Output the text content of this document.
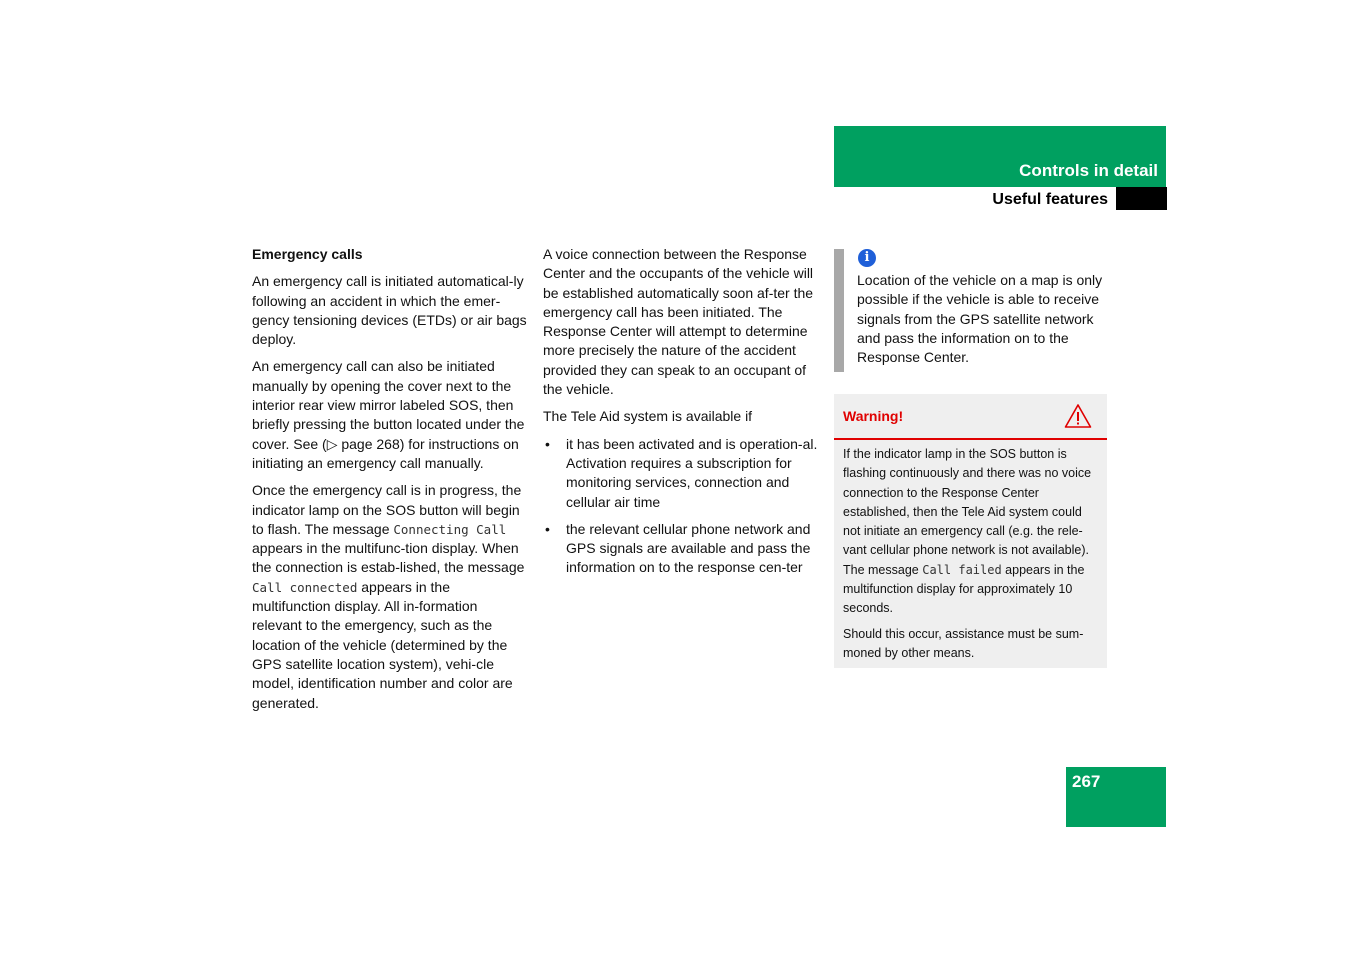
Controls in detail
Useful features

Emergency calls

An emergency call is initiated automatical-ly following an accident in which the emer-gency tensioning devices (ETDs) or air bags deploy.

An emergency call can also be initiated manually by opening the cover next to the interior rear view mirror labeled SOS, then briefly pressing the button located under the cover. See (▷ page 268) for instructions on initiating an emergency call manually.

Once the emergency call is in progress, the indicator lamp on the SOS button will begin to flash. The message Connecting Call appears in the multifunc-tion display. When the connection is estab-lished, the message Call connected appears in the multifunction display. All in-formation relevant to the emergency, such as the location of the vehicle (determined by the GPS satellite location system), vehi-cle model, identification number and color are generated.

A voice connection between the Response Center and the occupants of the vehicle will be established automatically soon af-ter the emergency call has been initiated. The Response Center will attempt to determine more precisely the nature of the accident provided they can speak to an occupant of the vehicle.

The Tele Aid system is available if

• it has been activated and is operation-al. Activation requires a subscription for monitoring services, connection and cellular air time
• the relevant cellular phone network and GPS signals are available and pass the information on to the response cen-ter
i

Location of the vehicle on a map is only possible if the vehicle is able to receive signals from the GPS satellite network and pass the information on to the Response Center.

Warning!

If the indicator lamp in the SOS button is flashing continuously and there was no voice connection to the Response Center established, then the Tele Aid system could not initiate an emergency call (e.g. the rele-vant cellular phone network is not available). The message Call failed appears in the multifunction display for approximately 10 seconds.

Should this occur, assistance must be sum-moned by other means.

267
